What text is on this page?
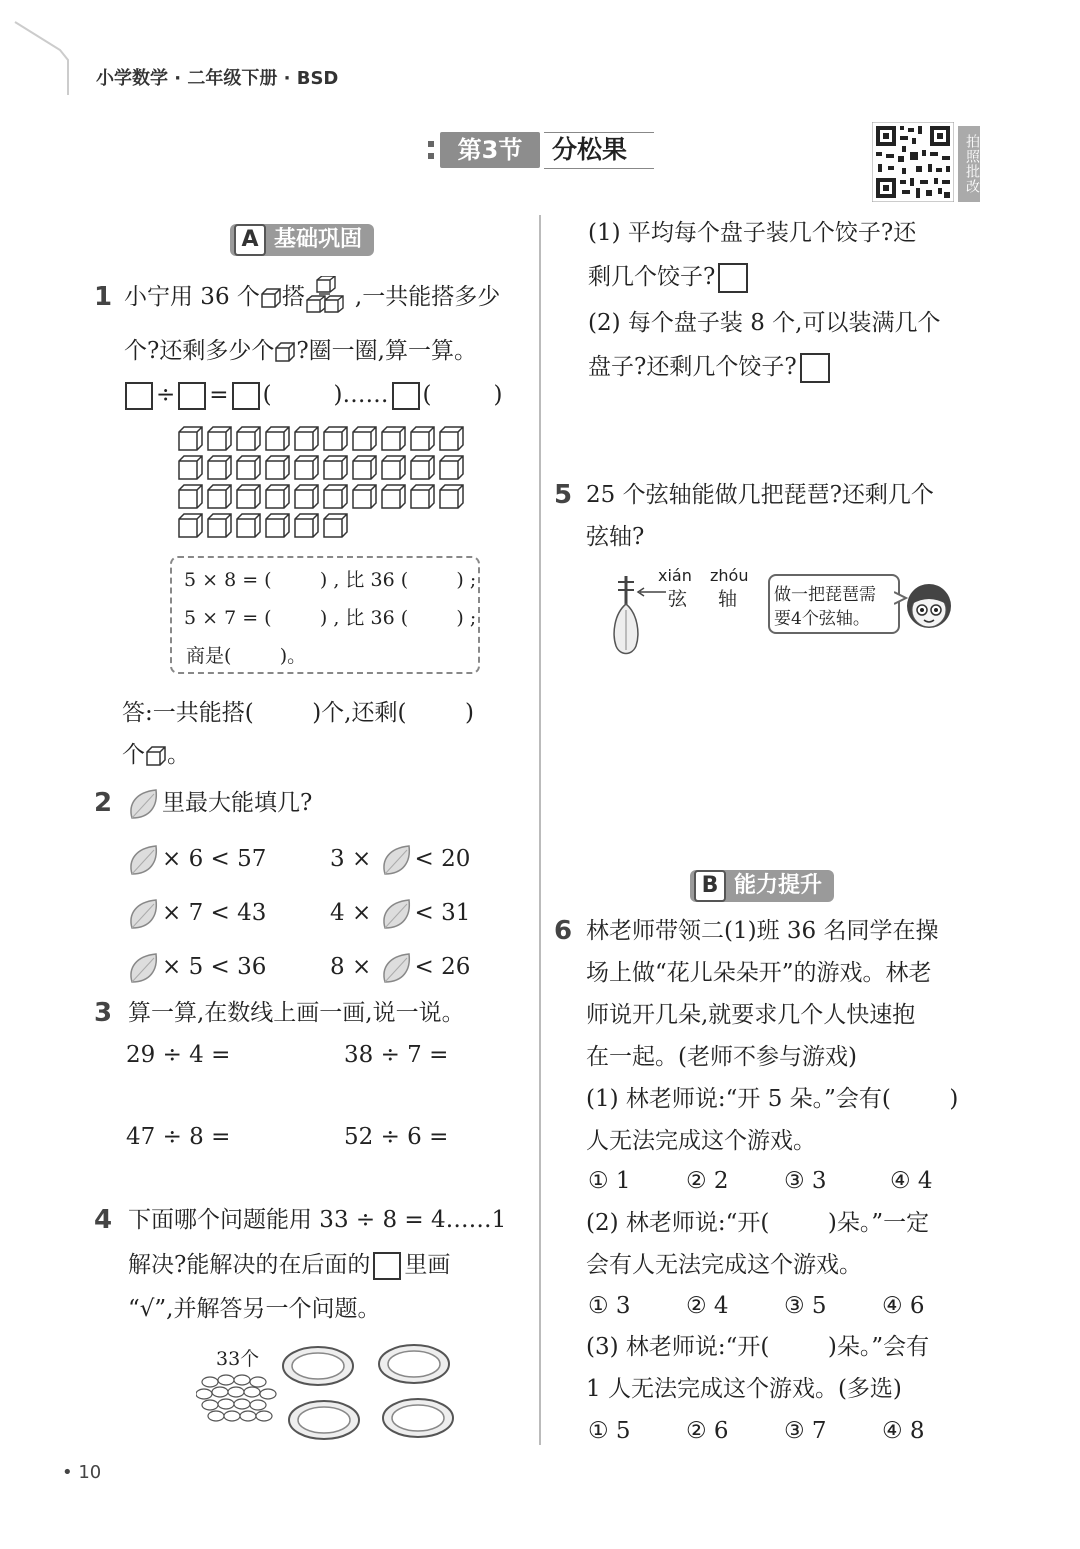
小学数学 · 二年级下册 · BSD
第3节	分松果	拍照批改
A 基础巩固
1 小宁用 36 个 搭 ,一共能搭多少
个?还剩多少个 ?圈一圈,算一算。
÷ = (	)…… (	)
5 × 8 = (        ) , 比 36 (        ) ;
5 × 7 = (        ) , 比 36 (        ) ;
商是(        )。
答:一共能搭(        )个,还剩(        )
个 。
2	里最大能填几?
× 6 < 57	3 × < 20
× 7 < 43	4 × < 31
× 5 < 36	8 × < 26
3 算一算,在数线上画一画,说一说。
29 ÷ 4 =	38 ÷ 7 =
47 ÷ 8 =	52 ÷ 6 =
4 下面哪个问题能用 33 ÷ 8 = 4……1
解决?能解决的在后面的 里画
“√”,并解答另一个问题。
33个
(1) 平均每个盘子装几个饺子?还
剩几个饺子?
(2) 每个盘子装 8 个,可以装满几个
盘子?还剩几个饺子?
5 25 个弦轴能做几把琵琶?还剩几个
弦轴?
xián zhóu
弦 轴 做一把琵琶需
要4个弦轴。
B 能力提升
6 林老师带领二(1)班 36 名同学在操
场上做“花儿朵朵开”的游戏。林老
师说开几朵,就要求几个人快速抱
在一起。(老师不参与游戏)
(1) 林老师说:“开 5 朵。”会有(        )
人无法完成这个游戏。
① 1 ② 2 ③ 3	④ 4
(2) 林老师说:“开(        )朵。”一定
会有人无法完成这个游戏。
① 3 ② 4 ③ 5 ④ 6
(3) 林老师说:“开(        )朵。”会有
1 人无法完成这个游戏。(多选)
① 5 ② 6 ③ 7 ④ 8
• 10
